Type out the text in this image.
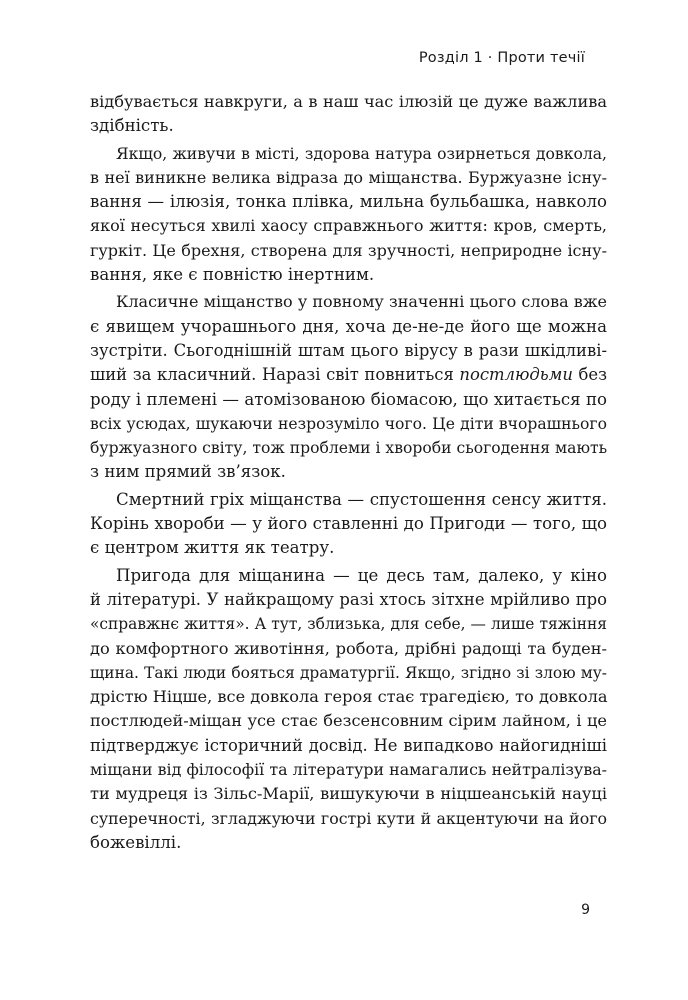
Розділ 1 · Проти течії
відбувається навкруги, а в наш час ілюзій це дуже важлива
здібність.
Якщо, живучи в місті, здорова натура озирнеться довкола,
в неї виникне велика відраза до міщанства. Буржуазне існу-
вання — ілюзія, тонка плівка, мильна бульбашка, навколо
якої несуться хвилі хаосу справжнього життя: кров, смерть,
гуркіт. Це брехня, створена для зручності, неприродне існу-
вання, яке є повністю інертним.
Класичне міщанство у повному значенні цього слова вже
є явищем учорашнього дня, хоча де-не-де його ще можна
зустріти. Сьогоднішній штам цього вірусу в рази шкідливі-
ший за класичний. Наразі світ повниться постлюдьми без
роду і племені — атомізованою біомасою, що хитається по
всіх усюдах, шукаючи незрозуміло чого. Це діти вчорашнього
буржуазного світу, тож проблеми і хвороби сьогодення мають
з ним прямий зв’язок.
Смертний гріх міщанства — спустошення сенсу життя.
Корінь хвороби — у його ставленні до Пригоди — того, що
є центром життя як театру.
Пригода для міщанина — це десь там, далеко, у кіно
й літературі. У найкращому разі хтось зітхне мрійливо про
«справжнє життя». А тут, зблизька, для себе, — лише тяжіння
до комфортного животіння, робота, дрібні радощі та буден-
щина. Такі люди бояться драматургії. Якщо, згідно зі злою му-
дрістю Ніцше, все довкола героя стає трагедією, то довкола
постлюдей-міщан усе стає безсенсовним сірим лайном, і це
підтверджує історичний досвід. Не випадково найогидніші
міщани від філософії та літератури намагались нейтралізува-
ти мудреця із Зільс-Марії, вишукуючи в ніцшеанській науці
суперечності, згладжуючи гострі кути й акцентуючи на його
божевіллі.
9
